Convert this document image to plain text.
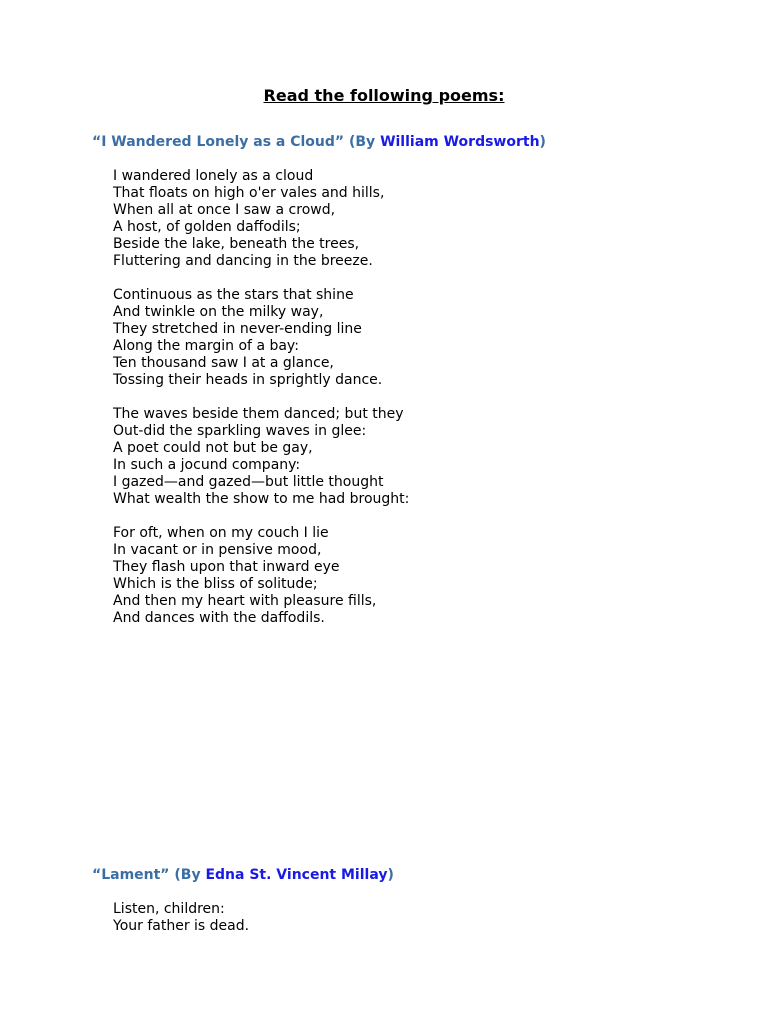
Read the following poems:
“I Wandered Lonely as a Cloud” (By William Wordsworth)
I wandered lonely as a cloud
That floats on high o'er vales and hills,
When all at once I saw a crowd,
A host, of golden daffodils;
Beside the lake, beneath the trees,
Fluttering and dancing in the breeze.
Continuous as the stars that shine
And twinkle on the milky way,
They stretched in never-ending line
Along the margin of a bay:
Ten thousand saw I at a glance,
Tossing their heads in sprightly dance.
The waves beside them danced; but they
Out-did the sparkling waves in glee:
A poet could not but be gay,
In such a jocund company:
I gazed—and gazed—but little thought
What wealth the show to me had brought:
For oft, when on my couch I lie
In vacant or in pensive mood,
They flash upon that inward eye
Which is the bliss of solitude;
And then my heart with pleasure fills,
And dances with the daffodils.
“Lament” (By Edna St. Vincent Millay)
Listen, children:
Your father is dead.
